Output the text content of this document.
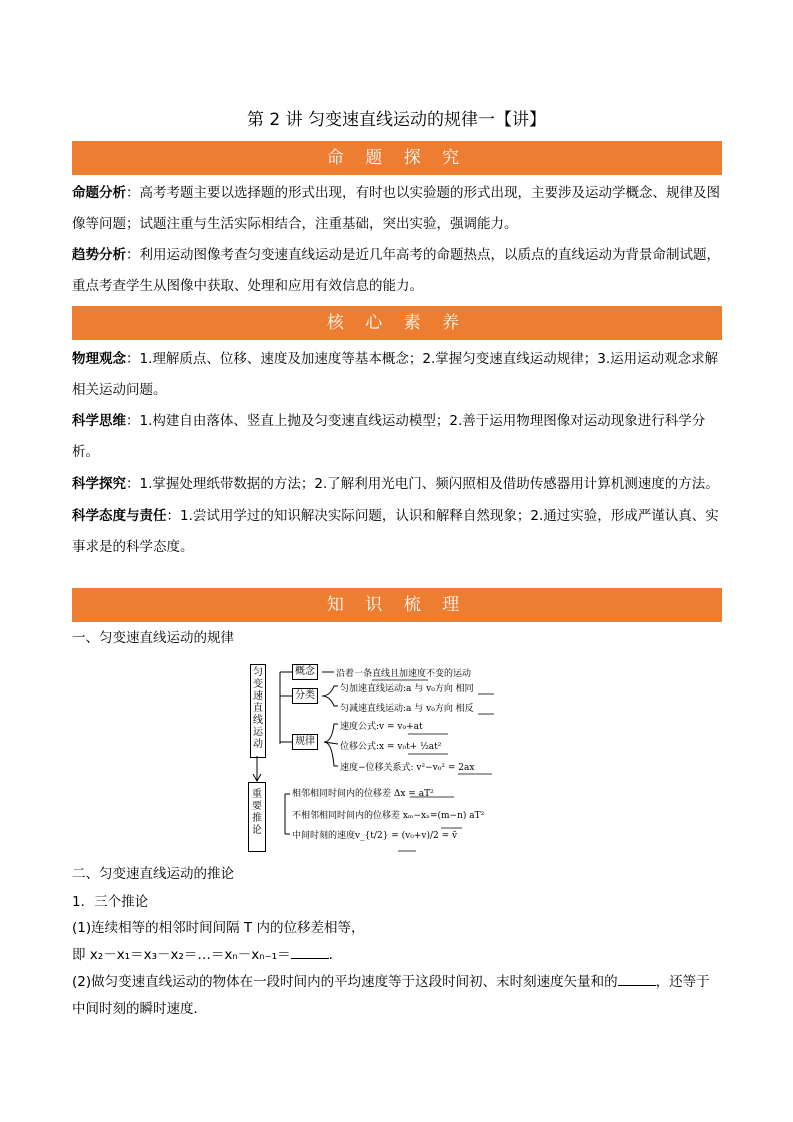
第 2 讲 匀变速直线运动的规律一【讲】
命 题 探 究
命题分析：高考考题主要以选择题的形式出现，有时也以实验题的形式出现，主要涉及运动学概念、规律及图像等问题；试题注重与生活实际相结合，注重基础，突出实验，强调能力。
趋势分析：利用运动图像考查匀变速直线运动是近几年高考的命题热点，以质点的直线运动为背景命制试题，重点考查学生从图像中获取、处理和应用有效信息的能力。
核 心 素 养
物理观念：1.理解质点、位移、速度及加速度等基本概念；2.掌握匀变速直线运动规律；3.运用运动观念求解相关运动问题。
科学思维：1.构建自由落体、竖直上抛及匀变速直线运动模型；2.善于运用物理图像对运动现象进行科学分析。
科学探究：1.掌握处理纸带数据的方法；2.了解利用光电门、频闪照相及借助传感器用计算机测速度的方法。
科学态度与责任：1.尝试用学过的知识解决实际问题，认识和解释自然现象；2.通过实验，形成严谨认真、实事求是的科学态度。
知 识 梳 理
一、匀变速直线运动的规律
匀变速直线运动
重要推论
概念	沿着一条直线且加速度不变的运动
分类
匀加速直线运动:a 与 v₀方向 相同
匀减速直线运动:a 与 v₀方向 相反
规律
速度公式:v = v₀+at
位移公式:x = v₀t+ ½at²
速度−位移关系式: v²−v₀² = 2ax
相邻相同时间内的位移差 Δx = aT²
不相邻相同时间内的位移差 xₘ−xₙ=(m−n) aT²
中间时刻的速度v_{t/2} = (v₀+v)/2 = v̄
二、匀变速直线运动的推论
1．三个推论
(1)连续相等的相邻时间间隔 T 内的位移差相等，
即 x₂－x₁＝x₃－x₂＝…＝xₙ－xₙ₋₁＝	.
(2)做匀变速直线运动的物体在一段时间内的平均速度等于这段时间初、末时刻速度矢量和的	，还等于
中间时刻的瞬时速度．
